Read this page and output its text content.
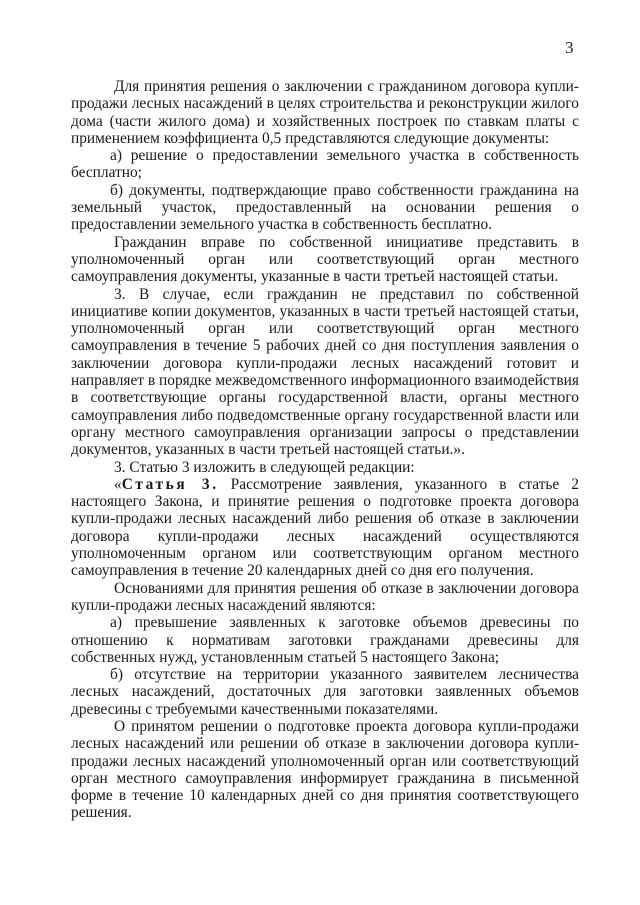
3

Для принятия решения о заключении с гражданином договора купли-продажи лесных насаждений в целях строительства и реконструкции жилого дома (части жилого дома) и хозяйственных построек по ставкам платы с применением коэффициента 0,5 представляются следующие документы:

а) решение о предоставлении земельного участка в собственность бесплатно;

б) документы, подтверждающие право собственности гражданина на земельный участок, предоставленный на основании решения о предоставлении земельного участка в собственность бесплатно.

Гражданин вправе по собственной инициативе представить в уполномоченный орган или соответствующий орган местного самоуправления документы, указанные в части третьей настоящей статьи.

3. В случае, если гражданин не представил по собственной инициативе копии документов, указанных в части третьей настоящей статьи, уполномоченный орган или соответствующий орган местного самоуправления в течение 5 рабочих дней со дня поступления заявления о заключении договора купли-продажи лесных насаждений готовит и направляет в порядке межведомственного информационного взаимодействия в соответствующие органы государственной власти, органы местного самоуправления либо подведомственные органу государственной власти или органу местного самоуправления организации запросы о представлении документов, указанных в части третьей настоящей статьи.».

3. Статью 3 изложить в следующей редакции:

«Статья 3. Рассмотрение заявления, указанного в статье 2 настоящего Закона, и принятие решения о подготовке проекта договора купли-продажи лесных насаждений либо решения об отказе в заключении договора купли-продажи лесных насаждений осуществляются уполномоченным органом или соответствующим органом местного самоуправления в течение 20 календарных дней со дня его получения.

Основаниями для принятия решения об отказе в заключении договора купли-продажи лесных насаждений являются:

а) превышение заявленных к заготовке объемов древесины по отношению к нормативам заготовки гражданами древесины для собственных нужд, установленным статьей 5 настоящего Закона;

б) отсутствие на территории указанного заявителем лесничества лесных насаждений, достаточных для заготовки заявленных объемов древесины с требуемыми качественными показателями.

О принятом решении о подготовке проекта договора купли-продажи лесных насаждений или решении об отказе в заключении договора купли-продажи лесных насаждений уполномоченный орган или соответствующий орган местного самоуправления информирует гражданина в письменной форме в течение 10 календарных дней со дня принятия соответствующего решения.
